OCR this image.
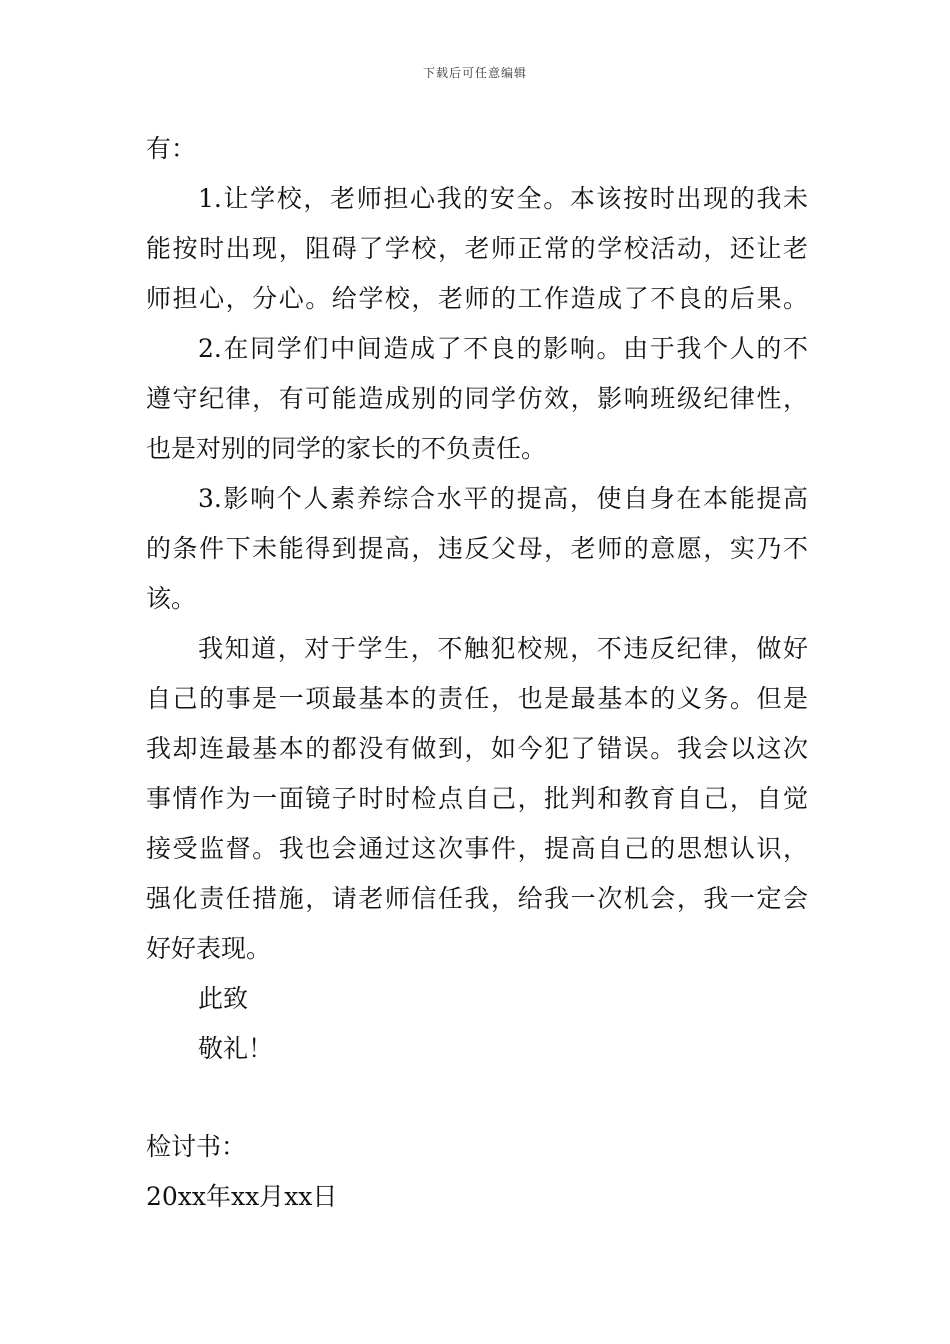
下载后可任意编辑
有：
1.让学校，老师担心我的安全。本该按时出现的我未
能按时出现，阻碍了学校，老师正常的学校活动，还让老
师担心，分心。给学校，老师的工作造成了不良的后果。
2.在同学们中间造成了不良的影响。由于我个人的不
遵守纪律，有可能造成别的同学仿效，影响班级纪律性，
也是对别的同学的家长的不负责任。
3.影响个人素养综合水平的提高，使自身在本能提高
的条件下未能得到提高，违反父母，老师的意愿，实乃不
该。
我知道，对于学生，不触犯校规，不违反纪律，做好
自己的事是一项最基本的责任，也是最基本的义务。但是
我却连最基本的都没有做到，如今犯了错误。我会以这次
事情作为一面镜子时时检点自己，批判和教育自己，自觉
接受监督。我也会通过这次事件，提高自己的思想认识，
强化责任措施，请老师信任我，给我一次机会，我一定会
好好表现。
此致
敬礼！
检讨书：
20xx年xx月xx日
